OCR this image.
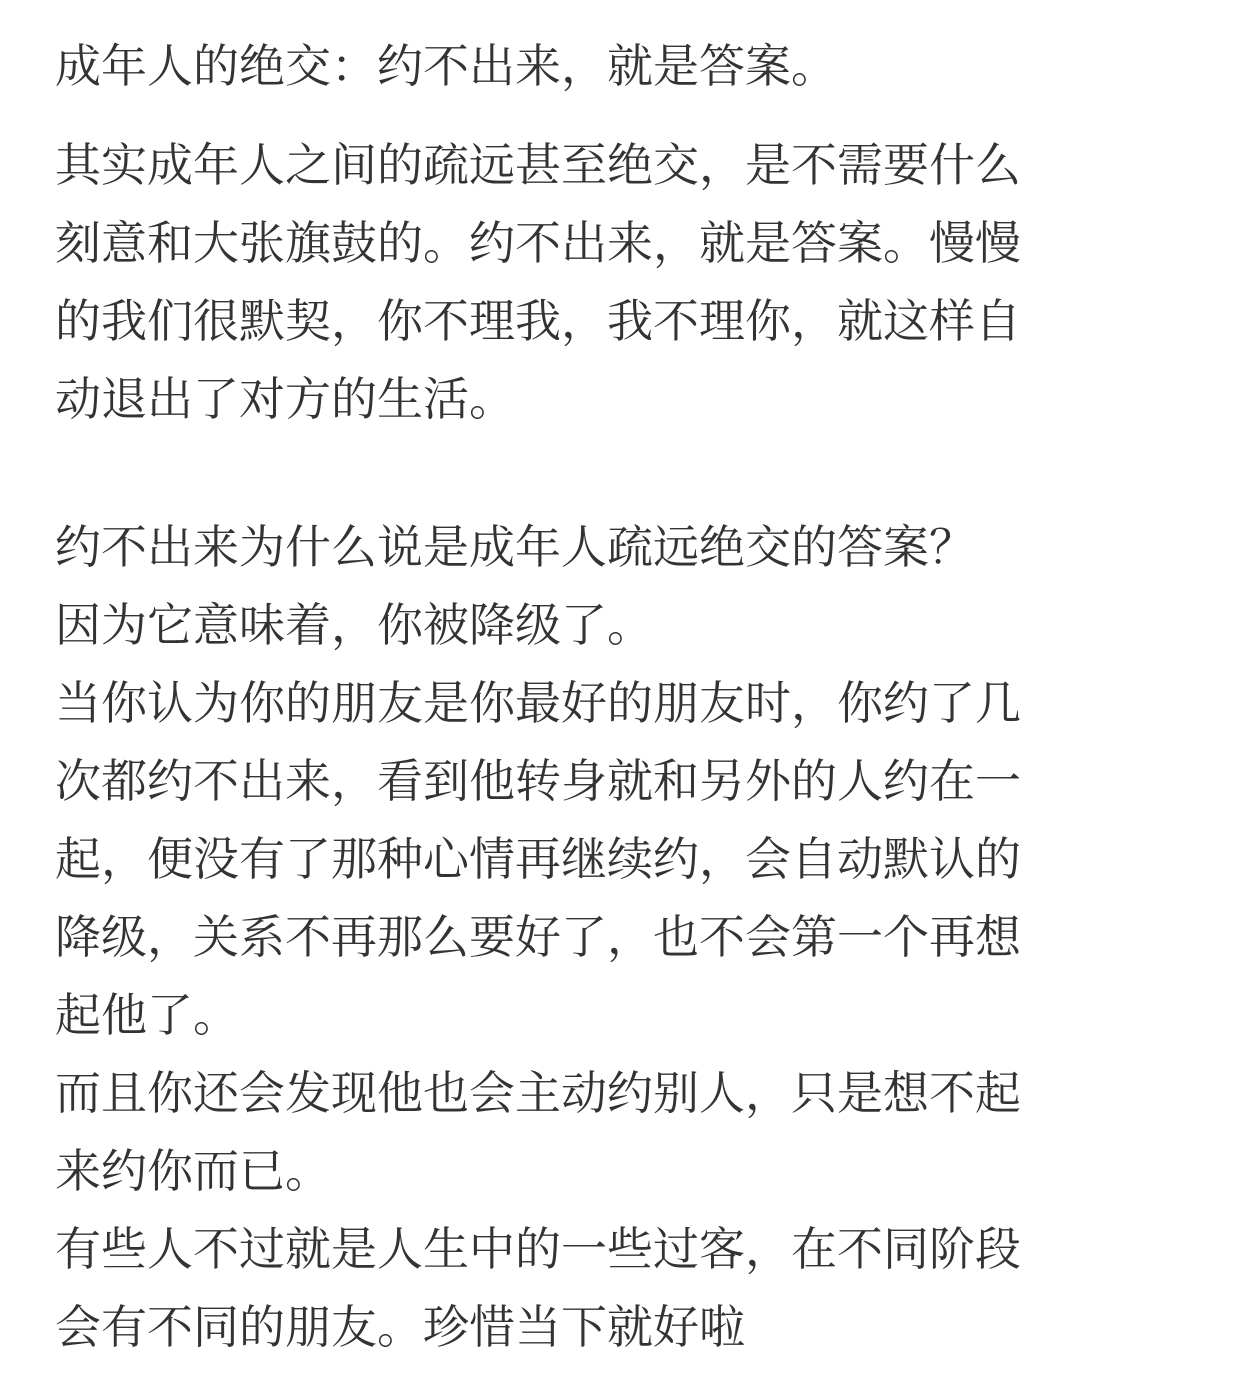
成年人的绝交：约不出来，就是答案。
其实成年人之间的疏远甚至绝交，是不需要什么
刻意和大张旗鼓的。约不出来，就是答案。慢慢
的我们很默契，你不理我，我不理你，就这样自
动退出了对方的生活。
约不出来为什么说是成年人疏远绝交的答案？
因为它意味着，你被降级了。
当你认为你的朋友是你最好的朋友时，你约了几
次都约不出来，看到他转身就和另外的人约在一
起，便没有了那种心情再继续约，会自动默认的
降级，关系不再那么要好了，也不会第一个再想
起他了。
而且你还会发现他也会主动约别人，只是想不起
来约你而已。
有些人不过就是人生中的一些过客，在不同阶段
会有不同的朋友。珍惜当下就好啦
